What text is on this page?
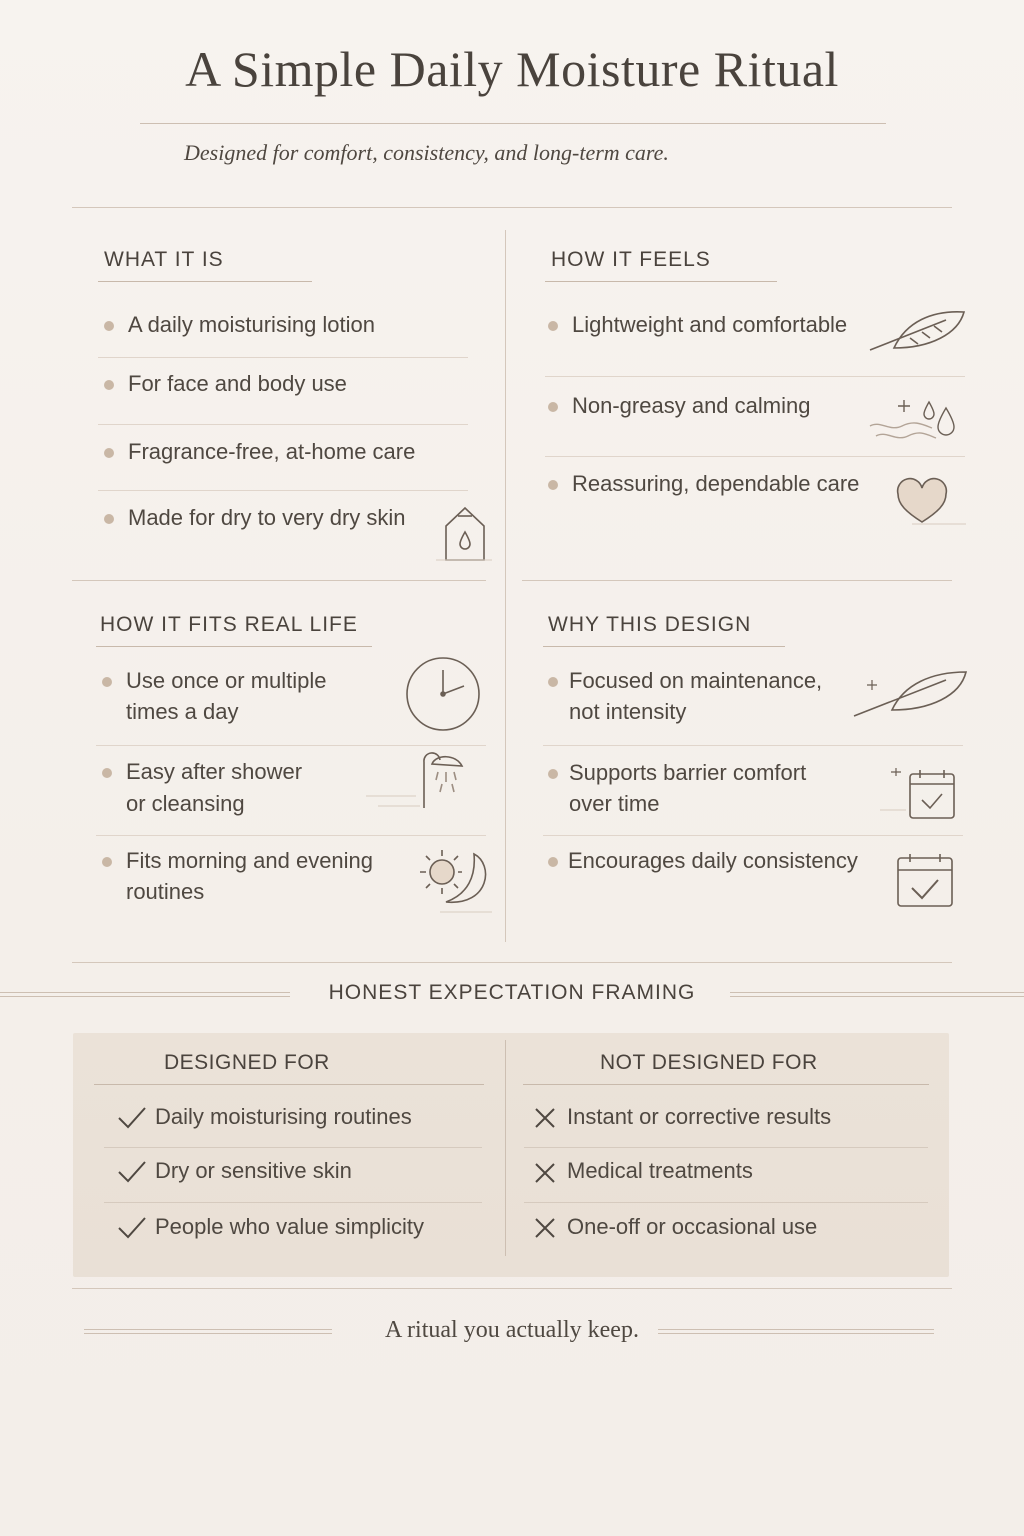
A Simple Daily Moisture Ritual
Designed for comfort, consistency, and long-term care.
WHAT IT IS
A daily moisturising lotion
For face and body use
Fragrance-free, at-home care
Made for dry to very dry skin
HOW IT FEELS
Lightweight and comfortable
Non-greasy and calming
Reassuring, dependable care
HOW IT FITS REAL LIFE
Use once or multiple
times a day
Easy after shower
or cleansing
Fits morning and evening
routines
WHY THIS DESIGN
Focused on maintenance,
not intensity
Supports barrier comfort
over time
Encourages daily consistency
HONEST EXPECTATION FRAMING
DESIGNED FOR
Daily moisturising routines
Dry or sensitive skin
People who value simplicity
NOT DESIGNED FOR
Instant or corrective results
Medical treatments
One-off or occasional use
A ritual you actually keep.
